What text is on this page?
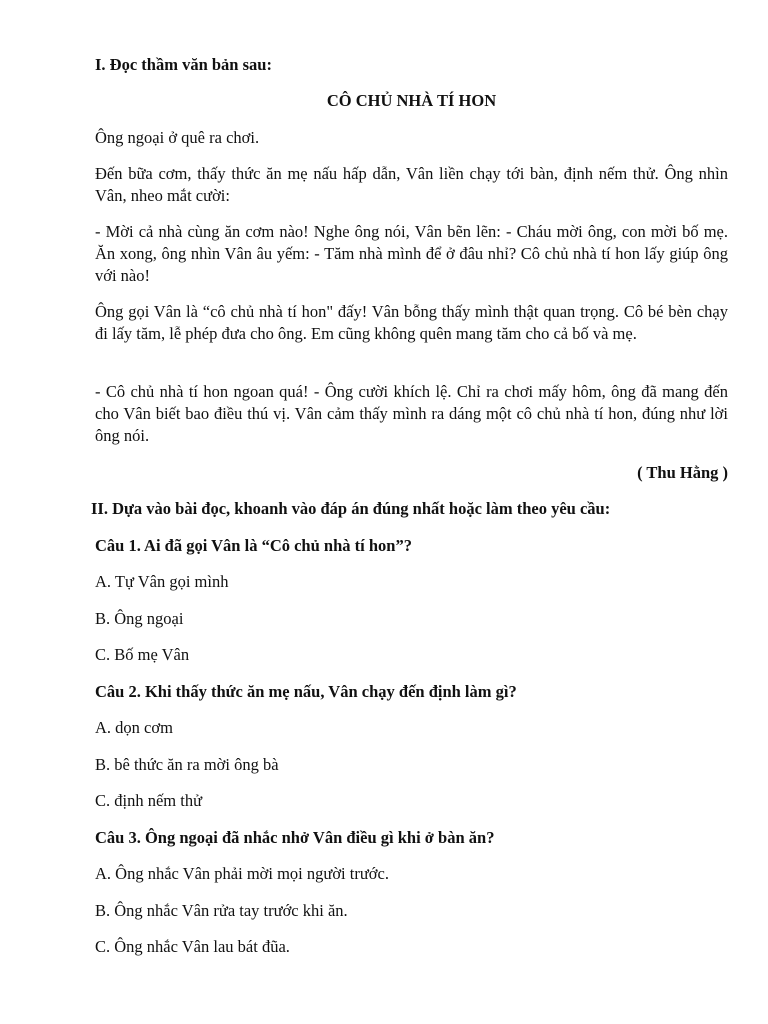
I. Đọc thầm văn bản sau:

CÔ CHỦ NHÀ TÍ HON

Ông ngoại ở quê ra chơi.

Đến bữa cơm, thấy thức ăn mẹ nấu hấp dẫn, Vân liền chạy tới bàn, định nếm thử. Ông nhìn Vân, nheo mắt cười:

- Mời cả nhà cùng ăn cơm nào! Nghe ông nói, Vân bẽn lẽn: - Cháu mời ông, con mời bố mẹ. Ăn xong, ông nhìn Vân âu yếm: - Tăm nhà mình để ở đâu nhỉ? Cô chủ nhà tí hon lấy giúp ông với nào!

Ông gọi Vân là “cô chủ nhà tí hon" đấy! Vân bỗng thấy mình thật quan trọng. Cô bé bèn chạy đi lấy tăm, lễ phép đưa cho ông. Em cũng không quên mang tăm cho cả bố và mẹ.

- Cô chủ nhà tí hon ngoan quá! - Ông cười khích lệ. Chỉ ra chơi mấy hôm, ông đã mang đến cho Vân biết bao điều thú vị. Vân cảm thấy mình ra dáng một cô chủ nhà tí hon, đúng như lời ông nói.

( Thu Hằng )

II. Dựa vào bài đọc, khoanh vào đáp án đúng nhất hoặc làm theo yêu cầu:

Câu 1. Ai đã gọi Vân là “Cô chủ nhà tí hon”?

A. Tự Vân gọi mình

B. Ông ngoại

C. Bố mẹ Vân

Câu 2. Khi thấy thức ăn mẹ nấu, Vân chạy đến định làm gì?

A. dọn cơm

B. bê thức ăn ra mời ông bà

C. định nếm thử

Câu 3. Ông ngoại đã nhắc nhở Vân điều gì khi ở bàn ăn?

A. Ông nhắc Vân phải mời mọi người trước.

B. Ông nhắc Vân rửa tay trước khi ăn.

C. Ông nhắc Vân lau bát đũa.
